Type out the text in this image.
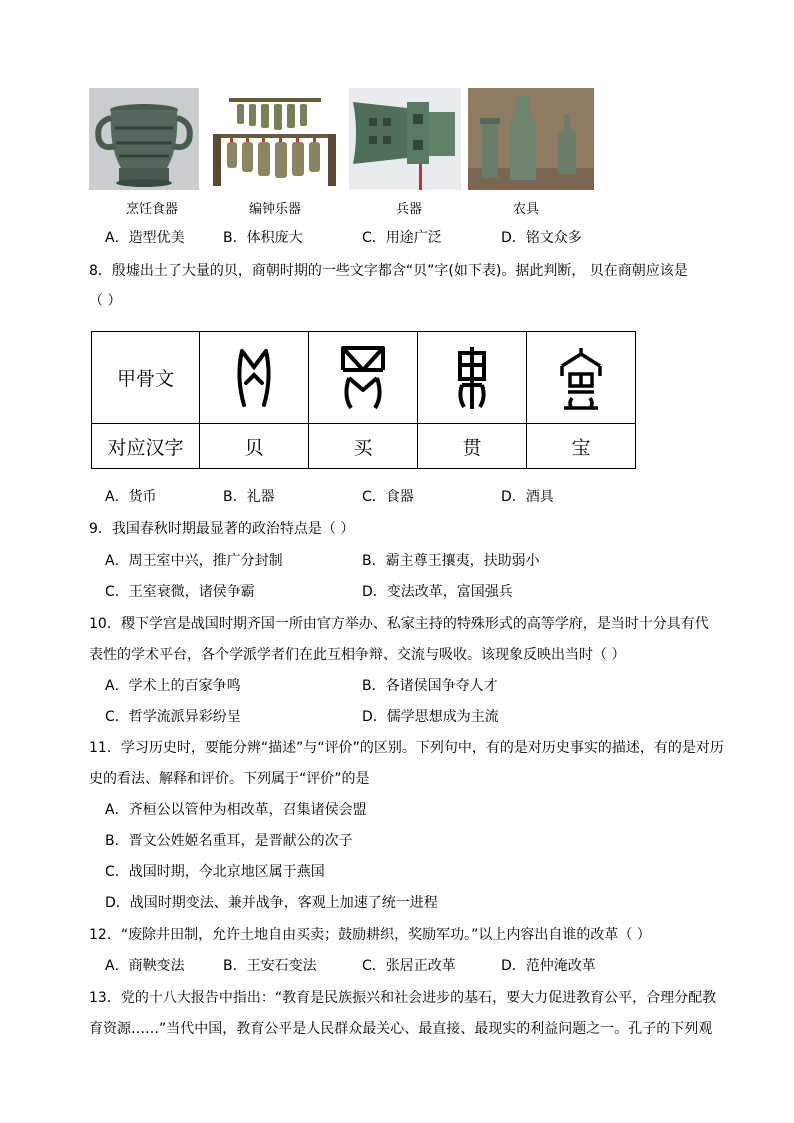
烹饪食器	编钟乐器	兵器	农具
A．造型优美	B．体积庞大	C．用途广泛	D．铭文众多
8．殷墟出土了大量的贝，商朝时期的一些文字都含“贝”字(如下表)。据此判断， 贝在商朝应该是
（ ）
甲骨文	

对应汉字	贝	买	贯	宝
A．货币	B．礼器	C．食器	D．酒具
9．我国春秋时期最显著的政治特点是（ ）
A．周王室中兴，推广分封制	B．霸主尊王攘夷，扶助弱小
C．王室衰微，诸侯争霸	D．变法改革，富国强兵
10．稷下学宫是战国时期齐国一所由官方举办、私家主持的特殊形式的高等学府，是当时十分具有代
表性的学术平台，各个学派学者们在此互相争辩、交流与吸收。该现象反映出当时（ ）
A．学术上的百家争鸣	B．各诸侯国争夺人才
C．哲学流派异彩纷呈	D．儒学思想成为主流
11．学习历史时，要能分辨“描述”与“评价”的区别。下列句中，有的是对历史事实的描述，有的是对历
史的看法、解释和评价。下列属于“评价”的是
A．齐桓公以管仲为相改革，召集诸侯会盟
B．晋文公姓姬名重耳，是晋献公的次子
C．战国时期，今北京地区属于燕国
D．战国时期变法、兼并战争，客观上加速了统一进程
12．“废除井田制，允许土地自由买卖；鼓励耕织，奖励军功。”以上内容出自谁的改革（ ）
A．商鞅变法	B．王安石变法	C．张居正改革	D．范仲淹改革
13．党的十八大报告中指出：“教育是民族振兴和社会进步的基石，要大力促进教育公平，合理分配教
育资源……”当代中国，教育公平是人民群众最关心、最直接、最现实的利益问题之一。孔子的下列观
